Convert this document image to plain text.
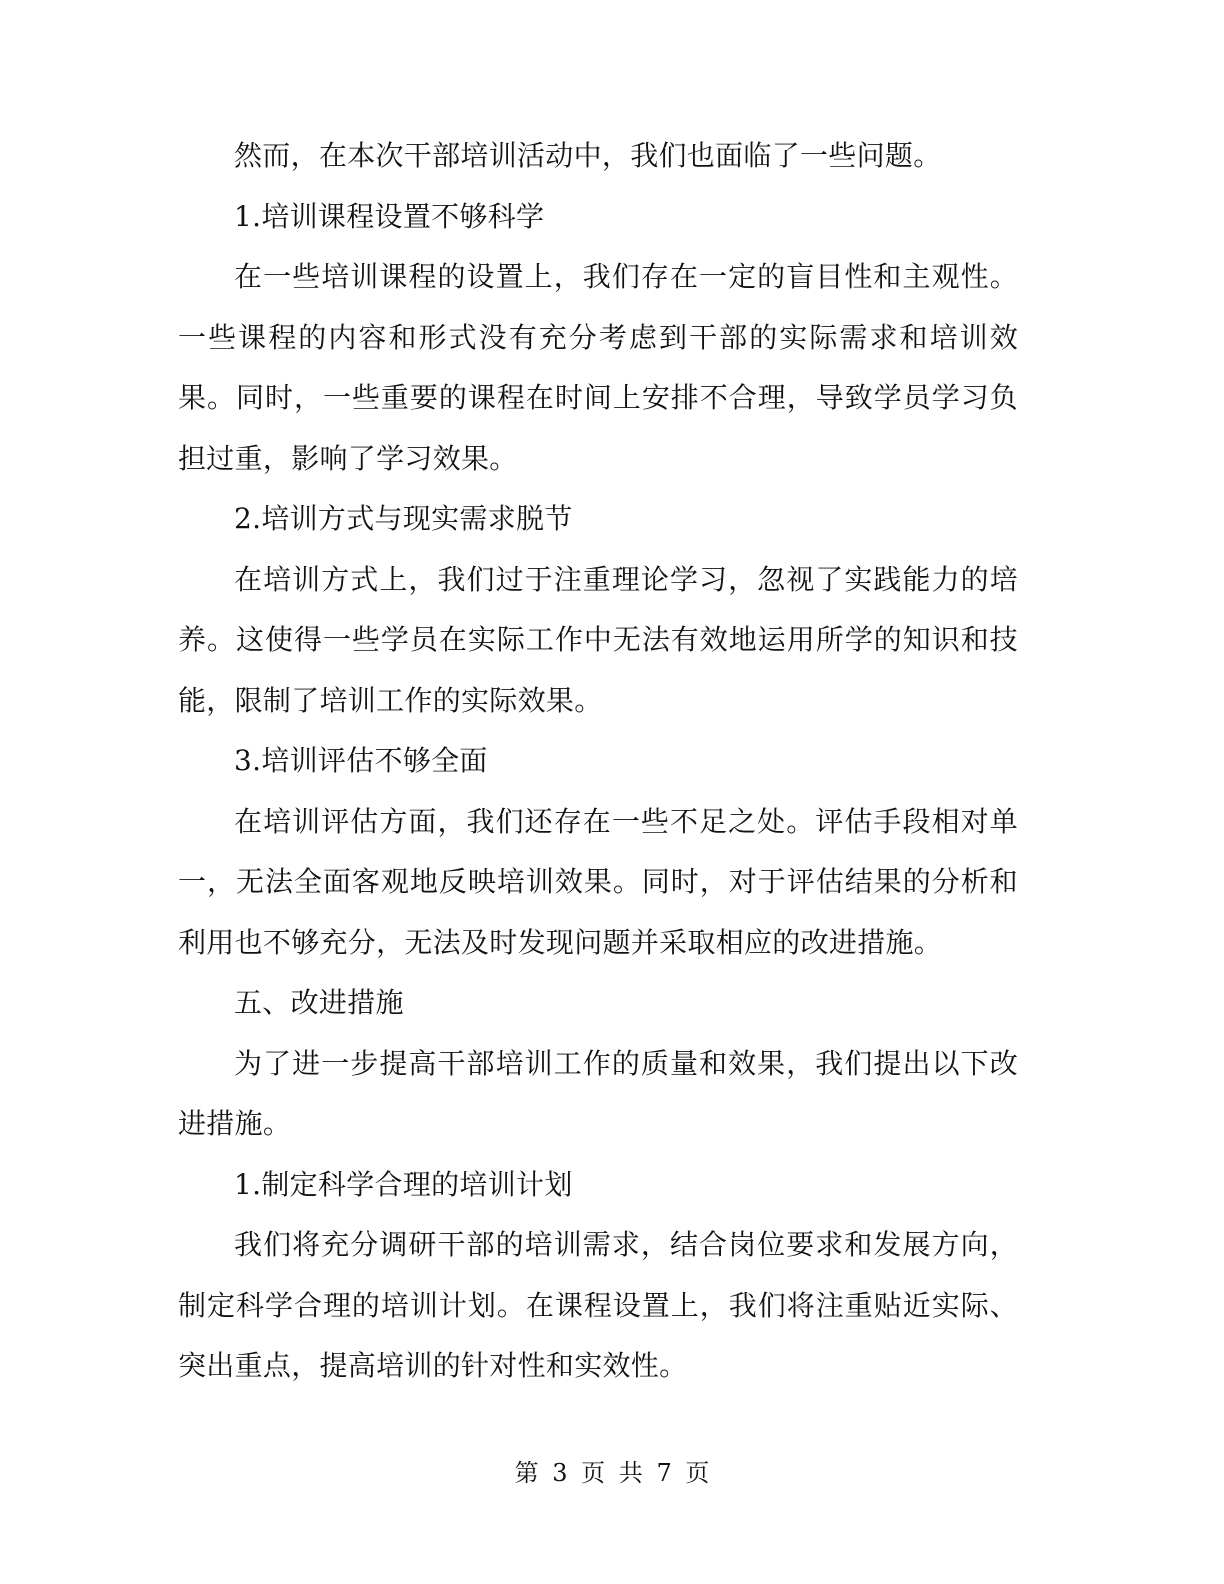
然而，在本次干部培训活动中，我们也面临了一些问题。

1.培训课程设置不够科学

在一些培训课程的设置上，我们存在一定的盲目性和主观性。一些课程的内容和形式没有充分考虑到干部的实际需求和培训效果。同时，一些重要的课程在时间上安排不合理，导致学员学习负担过重，影响了学习效果。

2.培训方式与现实需求脱节

在培训方式上，我们过于注重理论学习，忽视了实践能力的培养。这使得一些学员在实际工作中无法有效地运用所学的知识和技能，限制了培训工作的实际效果。

3.培训评估不够全面

在培训评估方面，我们还存在一些不足之处。评估手段相对单一，无法全面客观地反映培训效果。同时，对于评估结果的分析和利用也不够充分，无法及时发现问题并采取相应的改进措施。

五、改进措施

为了进一步提高干部培训工作的质量和效果，我们提出以下改进措施。

1.制定科学合理的培训计划

我们将充分调研干部的培训需求，结合岗位要求和发展方向，制定科学合理的培训计划。在课程设置上，我们将注重贴近实际、突出重点，提高培训的针对性和实效性。

第 3 页 共 7 页
